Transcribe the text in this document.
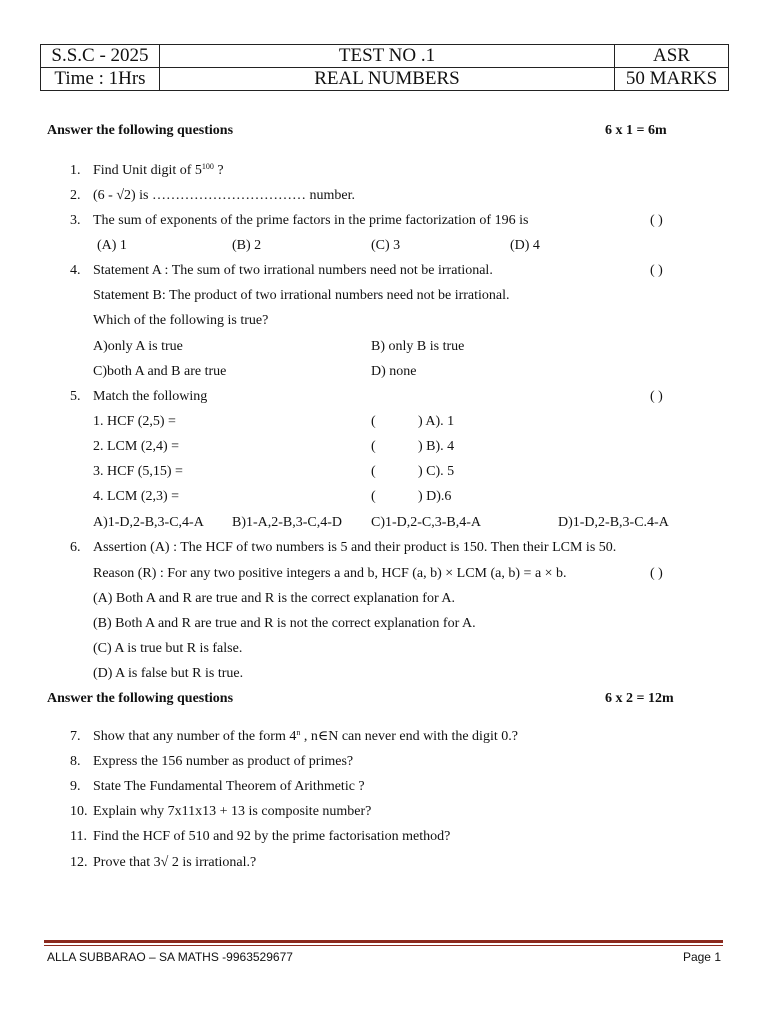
S.S.C - 2025	TEST NO .1	ASR
Time : 1Hrs	REAL NUMBERS	50 MARKS
Answer the following questions	6 x 1 = 6m
1. Find Unit digit of $5^{100}$ ?
2. (6 - √2) is …………………………… number.
3. The sum of exponents of the prime factors in the prime factorization of 196 is	( )
(A) 1	(B) 2	(C) 3	(D) 4
4. Statement A : The sum of two irrational numbers need not be irrational.	( )
Statement B: The product of two irrational numbers need not be irrational.
Which of the following is true?
A)only A is true	B) only B is true
C)both A and B are true	D) none
5. Match the following	( )
1. HCF (2,5) =	(	) A). 1
2. LCM (2,4) =	(	) B). 4
3. HCF (5,15) =	(	) C). 5
4. LCM (2,3) =	(	) D).6
A)1-D,2-B,3-C,4-A B)1-A,2-B,3-C,4-D C)1-D,2-C,3-B,4-A	D)1-D,2-B,3-C.4-A
6. Assertion (A) : The HCF of two numbers is 5 and their product is 150. Then their LCM is 50.
Reason (R) : For any two positive integers a and b, HCF (a, b) × LCM (a, b) = a × b.	( )
(A) Both A and R are true and R is the correct explanation for A.
(B) Both A and R are true and R is not the correct explanation for A.
(C) A is true but R is false.
(D) A is false but R is true.
Answer the following questions	6 x 2 = 12m
7. Show that any number of the form 4$^n$ , n∈N can never end with the digit 0.?
8. Express the 156 number as product of primes?
9. State The Fundamental Theorem of Arithmetic ?
10. Explain why 7x11x13 + 13 is composite number?
11. Find the HCF of 510 and 92 by the prime factorisation method?
12. Prove that 3√ 2 is irrational.?
ALLA SUBBARAO – SA MATHS -9963529677	Page 1
